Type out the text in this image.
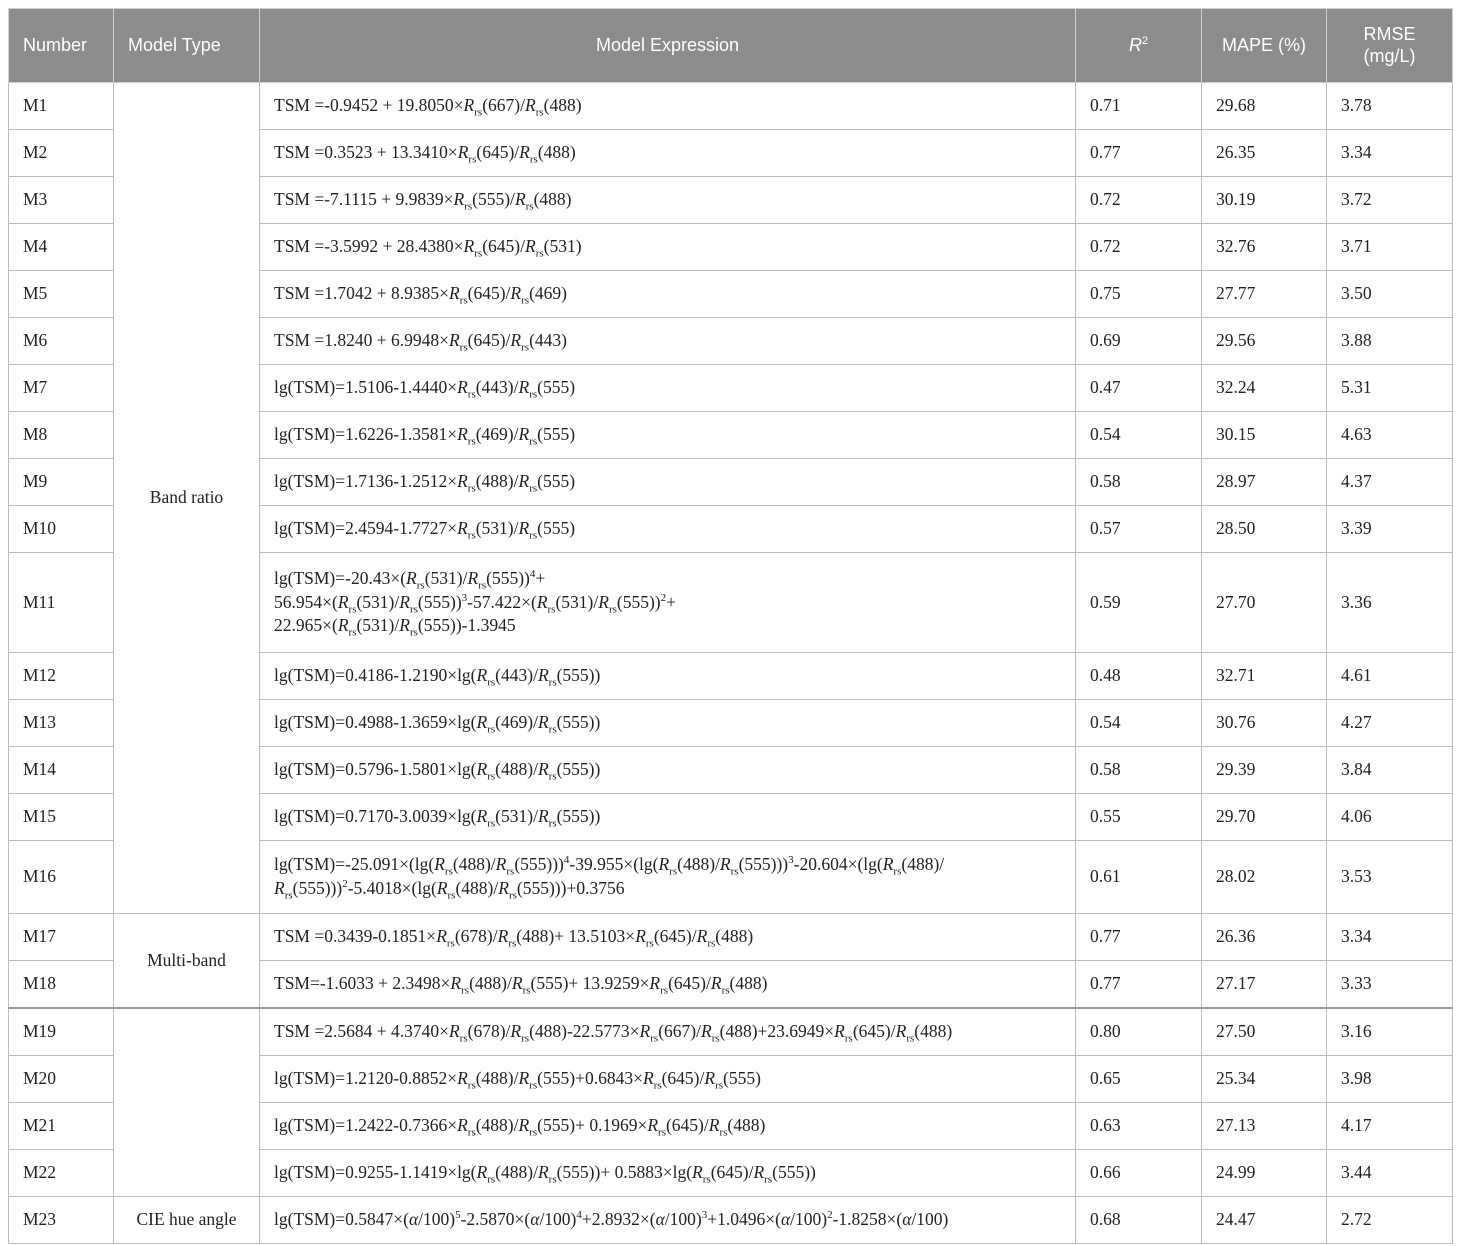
Number	Model Type	Model Expression	$R^2$	MAPE (%)	RMSE
(mg/L)
M1	Band ratio	TSM $=-0.9452 + 19.8050\times R_{rs}(667)/R_{rs}(488)$	0.71	29.68	3.78
M2		TSM $=0.3523 + 13.3410\times R_{rs}(645)/R_{rs}(488)$	0.77	26.35	3.34
M3		TSM $=-7.1115 + 9.9839\times R_{rs}(555)/R_{rs}(488)$	0.72	30.19	3.72
M4		TSM $=-3.5992 + 28.4380\times R_{rs}(645)/R_{rs}(531)$	0.72	32.76	3.71
M5		TSM $=1.7042 + 8.9385\times R_{rs}(645)/R_{rs}(469)$	0.75	27.77	3.50
M6		TSM $=1.8240 + 6.9948\times R_{rs}(645)/R_{rs}(443)$	0.69	29.56	3.88
M7		$\lg(TSM)=1.5106-1.4440\times R_{rs}(443)/R_{rs}(555)$	0.47	32.24	5.31
M8		$\lg(TSM)=1.6226-1.3581\times R_{rs}(469)/R_{rs}(555)$	0.54	30.15	4.63
M9		$\lg(TSM)=1.7136-1.2512\times R_{rs}(488)/R_{rs}(555)$	0.58	28.97	4.37
M10		$\lg(TSM)=2.4594-1.7727\times R_{rs}(531)/R_{rs}(555)$	0.57	28.50	3.39
M11		$\lg(TSM)=-20.43\times(R_{rs}(531)/R_{rs}(555))^4+$
$56.954\times(R_{rs}(531)/R_{rs}(555))^3-57.422\times(R_{rs}(531)/R_{rs}(555))^2+$
$22.965\times(R_{rs}(531)/R_{rs}(555))-1.3945$	0.59	27.70	3.36
M12		$\lg(TSM)=0.4186-1.2190\times\lg(R_{rs}(443)/R_{rs}(555))$	0.48	32.71	4.61
M13		$\lg(TSM)=0.4988-1.3659\times\lg(R_{rs}(469)/R_{rs}(555))$	0.54	30.76	4.27
M14		$\lg(TSM)=0.5796-1.5801\times\lg(R_{rs}(488)/R_{rs}(555))$	0.58	29.39	3.84
M15		$\lg(TSM)=0.7170-3.0039\times\lg(R_{rs}(531)/R_{rs}(555))$	0.55	29.70	4.06
M16		$\lg(TSM)=-25.091\times(\lg(R_{rs}(488)/R_{rs}(555)))^4-39.955\times(\lg(R_{rs}(488)/R_{rs}(555)))^3-20.604\times(\lg(R_{rs}(488)/$
$R_{rs}(555)))^2-5.4018\times(\lg(R_{rs}(488)/R_{rs}(555)))+0.3756$	0.61	28.02	3.53
M17	Multi-band	TSM $=0.3439-0.1851\times R_{rs}(678)/R_{rs}(488)+ 13.5103\times R_{rs}(645)/R_{rs}(488)$	0.77	26.36	3.34
M18		$TSM=-1.6033 + 2.3498\times R_{rs}(488)/R_{rs}(555)+ 13.9259\times R_{rs}(645)/R_{rs}(488)$	0.77	27.17	3.33
M19		TSM $=2.5684 + 4.3740\times R_{rs}(678)/R_{rs}(488)-22.5773\times R_{rs}(667)/R_{rs}(488)+23.6949\times R_{rs}(645)/R_{rs}(488)$	0.80	27.50	3.16
M20		$\lg(TSM)=1.2120-0.8852\times R_{rs}(488)/R_{rs}(555)+0.6843\times R_{rs}(645)/R_{rs}(555)$	0.65	25.34	3.98
M21		$\lg(TSM)=1.2422-0.7366\times R_{rs}(488)/R_{rs}(555)+ 0.1969\times R_{rs}(645)/R_{rs}(488)$	0.63	27.13	4.17
M22		$\lg(TSM)=0.9255-1.1419\times\lg(R_{rs}(488)/R_{rs}(555))+ 0.5883\times\lg(R_{rs}(645)/R_{rs}(555))$	0.66	24.99	3.44
M23	CIE hue angle	$\lg(TSM)=0.5847\times(\alpha/100)^5-2.5870\times(\alpha/100)^4+2.8932\times(\alpha/100)^3+1.0496\times(\alpha/100)^2-1.8258\times(\alpha/100)$	0.68	24.47	2.72
